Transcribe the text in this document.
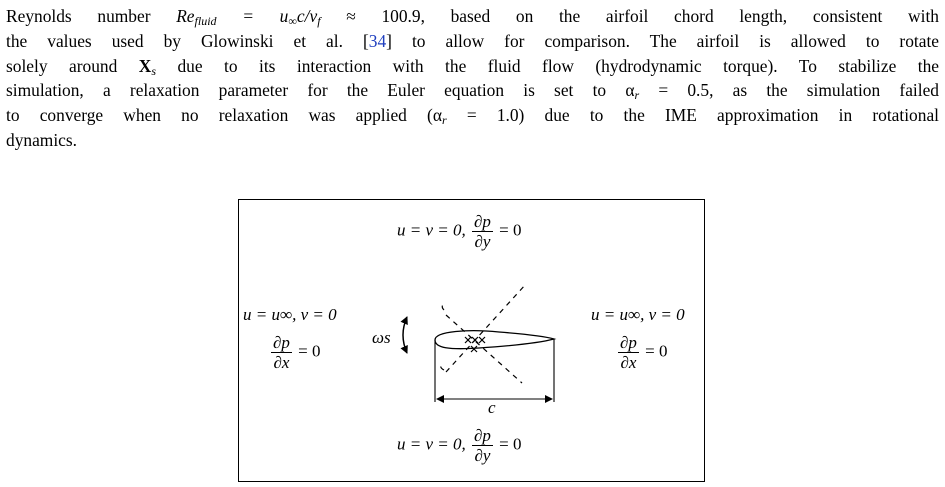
Reynolds number $Re_{fluid} = u_\infty c/\nu_f \approx 100.9$, based on the airfoil chord length, consistent with
the values used by Glowinski et al. [34] to allow for comparison. The airfoil is allowed to rotate
solely around $X_s$ due to its interaction with the fluid flow (hydrodynamic torque). To stabilize the
simulation, a relaxation parameter for the Euler equation is set to $\alpha_r = 0.5$, as the simulation failed
to converge when no relaxation was applied $(\alpha_r = 1.0)$ due to the IME approximation in rotational
dynamics.
u = v = 0, $\frac{\partial p}{\partial y} = 0$
u = u∞, v = 0
$\frac{\partial p}{\partial x} = 0$
u = u∞, v = 0
$\frac{\partial p}{\partial x} = 0$
u = v = 0, $\frac{\partial p}{\partial y} = 0$
ωs
c
